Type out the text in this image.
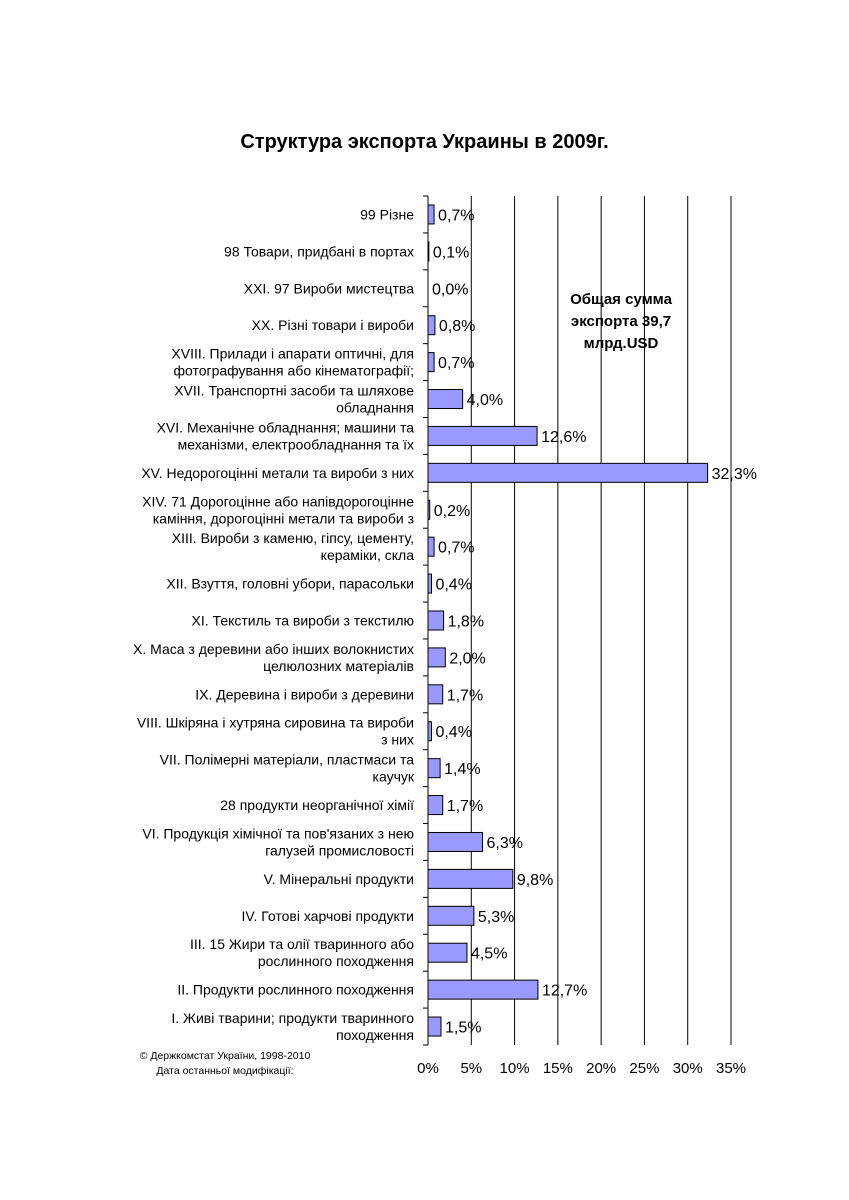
Структура экспорта Украины в 2009г.
99 Різне
98 Товари, придбані в портах
XXI. 97 Вироби мистецтва
XX. Різні товари і вироби
XVIII. Прилади і апарати оптичні, для
фотографування або кінематографії;
XVII. Транспортні засоби та шляхове
обладнання
XVI. Механічне обладнання; машини та
механізми, електрообладнання та їх
XV. Недорогоцінні метали та вироби з них
XIV. 71 Дорогоцінне або напівдорогоцінне
каміння, дорогоцінні метали та вироби з
XIII. Вироби з каменю, гіпсу, цементу,
кераміки, скла
XII. Взуття, головні убори, парасольки
XI. Текстиль та вироби з текстилю
X. Маса з деревини або інших волокнистих
целюлозних матеріалів
IX. Деревина і вироби з деревини
VIII. Шкіряна і хутряна сировина та вироби
з них
VII. Полімерні матеріали, пластмаси та
каучук
28 продукти неорганічної хімії
VI. Продукція хімічної та пов'язаних з нею
галузей промисловості
V. Мінеральні продукти
IV. Готові харчові продукти
III. 15 Жири та олії тваринного або
рослинного походження
II. Продукти рослинного походження
I. Живі тварини; продукти тваринного
походження
0,7%
0,1%
0,0%
0,8%
0,7%
4,0%
12,6%
32,3%
0,2%
0,7%
0,4%
1,8%
2,0%
1,7%
0,4%
1,4%
1,7%
6,3%
9,8%
5,3%
4,5%
12,7%
1,5%
0% 5% 10% 15% 20% 25% 30% 35%
Общая сумма
экспорта 39,7
млрд.USD
© Держкомстат України, 1998-2010
Дата останньої модифікації:
